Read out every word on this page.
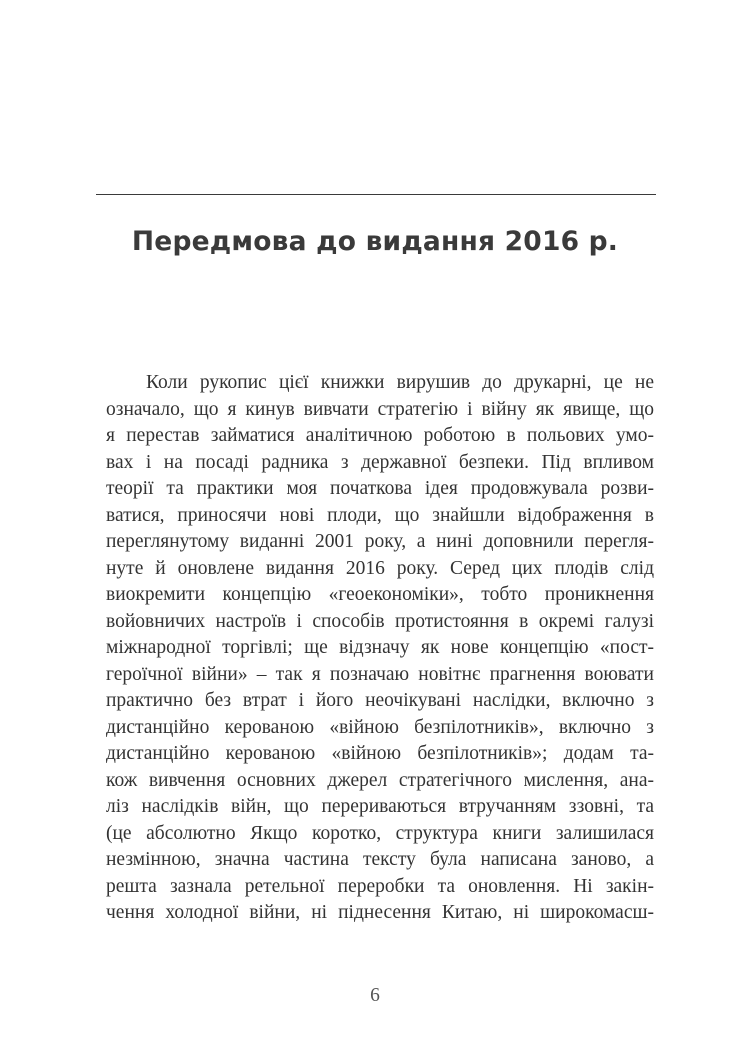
Передмова до видання 2016 р.
Коли рукопис цієї книжки вирушив до друкарні, це не
означало, що я кинув вивчати стратегію і війну як явище, що
я перестав займатися аналітичною роботою в польових умо-
вах і на посаді радника з державної безпеки. Під впливом
теорії та практики моя початкова ідея продовжувала розви-
ватися, приносячи нові плоди, що знайшли відображення в
переглянутому виданні 2001 року, а нині доповнили перегля-
нуте й оновлене видання 2016 року. Серед цих плодів слід
виокремити концепцію «геоекономіки», тобто проникнення
войовничих настроїв і способів протистояння в окремі галузі
міжнародної торгівлі; ще відзначу як нове концепцію «пост-
героїчної війни» – так я позначаю новітнє прагнення воювати
практично без втрат і його неочікувані наслідки, включно з
дистанційно керованою «війною безпілотників», включно з
дистанційно керованою «війною безпілотників»; додам та-
кож вивчення основних джерел стратегічного мислення, ана-
ліз наслідків війн, що перериваються втручанням ззовні, та
(це абсолютно Якщо коротко, структура книги залишилася
незмінною, значна частина тексту була написана заново, а
решта зазнала ретельної переробки та оновлення. Ні закін-
чення холодної війни, ні піднесення Китаю, ні широкомасш-
6
